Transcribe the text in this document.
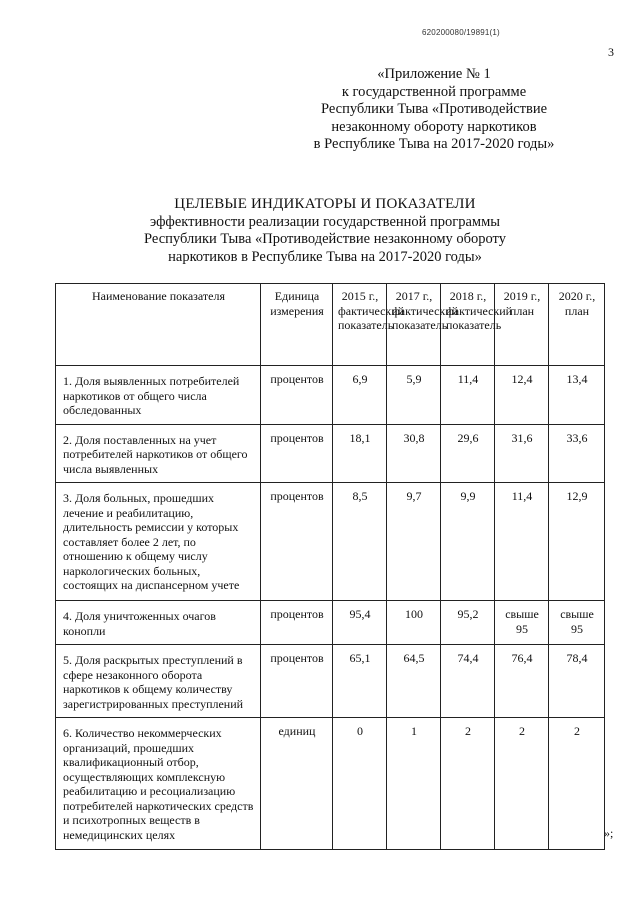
620200080/19891(1)
3
«Приложение № 1
к государственной программе
Республики Тыва «Противодействие
незаконному обороту наркотиков
в Республике Тыва на 2017-2020 годы»
ЦЕЛЕВЫЕ ИНДИКАТОРЫ И ПОКАЗАТЕЛИ
эффективности реализации государственной программы
Республики Тыва «Противодействие незаконному обороту
наркотиков в Республике Тыва на 2017-2020 годы»
Наименование показателя	Единица измерения	2015 г., фактический показатель	2017 г., фактический показатель	2018 г., фактический показатель	2019 г., план	2020 г., план
1. Доля выявленных потребителей наркотиков от общего числа обследованных	процентов	6,9	5,9	11,4	12,4	13,4
2. Доля поставленных на учет потребителей наркотиков от общего числа выявленных	процентов	18,1	30,8	29,6	31,6	33,6
3. Доля больных, прошедших лечение и реабилитацию, длительность ремиссии у которых составляет более 2 лет, по отношению к общему числу наркологических больных, состоящих на диспансерном учете	процентов	8,5	9,7	9,9	11,4	12,9
4. Доля уничтоженных очагов конопли	процентов	95,4	100	95,2	свыше 95	свыше 95
5. Доля раскрытых преступлений в сфере незаконного оборота наркотиков к общему количеству зарегистрированных преступлений	процентов	65,1	64,5	74,4	76,4	78,4
6. Количество некоммерческих организаций, прошедших квалификационный отбор, осуществляющих комплексную реабилитацию и ресоциализацию потребителей наркотических средств и психотропных веществ в немедицинских целях	единиц	0	1	2	2	2
»;
